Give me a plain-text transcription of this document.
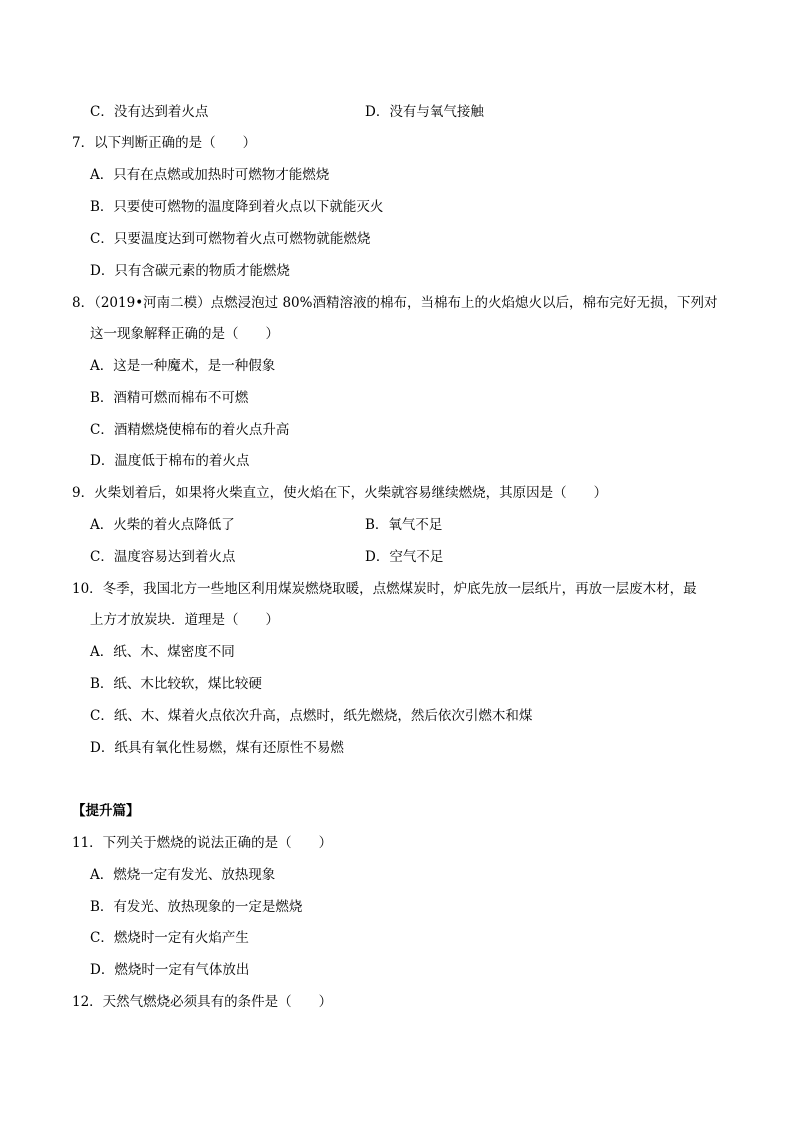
C．没有达到着火点	D．没有与氧气接触
7．以下判断正确的是（　　）
A．只有在点燃或加热时可燃物才能燃烧
B．只要使可燃物的温度降到着火点以下就能灭火
C．只要温度达到可燃物着火点可燃物就能燃烧
D．只有含碳元素的物质才能燃烧
8．（2019•河南二模）点燃浸泡过 80%酒精溶液的棉布，当棉布上的火焰熄火以后，棉布完好无损，下列对
这一现象解释正确的是（　　）
A．这是一种魔术，是一种假象
B．酒精可燃而棉布不可燃
C．酒精燃烧使棉布的着火点升高
D．温度低于棉布的着火点
9．火柴划着后，如果将火柴直立，使火焰在下，火柴就容易继续燃烧，其原因是（　　）
A．火柴的着火点降低了	B．氧气不足
C．温度容易达到着火点	D．空气不足
10．冬季，我国北方一些地区利用煤炭燃烧取暖，点燃煤炭时，炉底先放一层纸片，再放一层废木材，最
上方才放炭块．道理是（　　）
A．纸、木、煤密度不同
B．纸、木比较软，煤比较硬
C．纸、木、煤着火点依次升高，点燃时，纸先燃烧，然后依次引燃木和煤
D．纸具有氧化性易燃，煤有还原性不易燃
【提升篇】
11．下列关于燃烧的说法正确的是（　　）
A．燃烧一定有发光、放热现象
B．有发光、放热现象的一定是燃烧
C．燃烧时一定有火焰产生
D．燃烧时一定有气体放出
12．天然气燃烧必须具有的条件是（　　）
